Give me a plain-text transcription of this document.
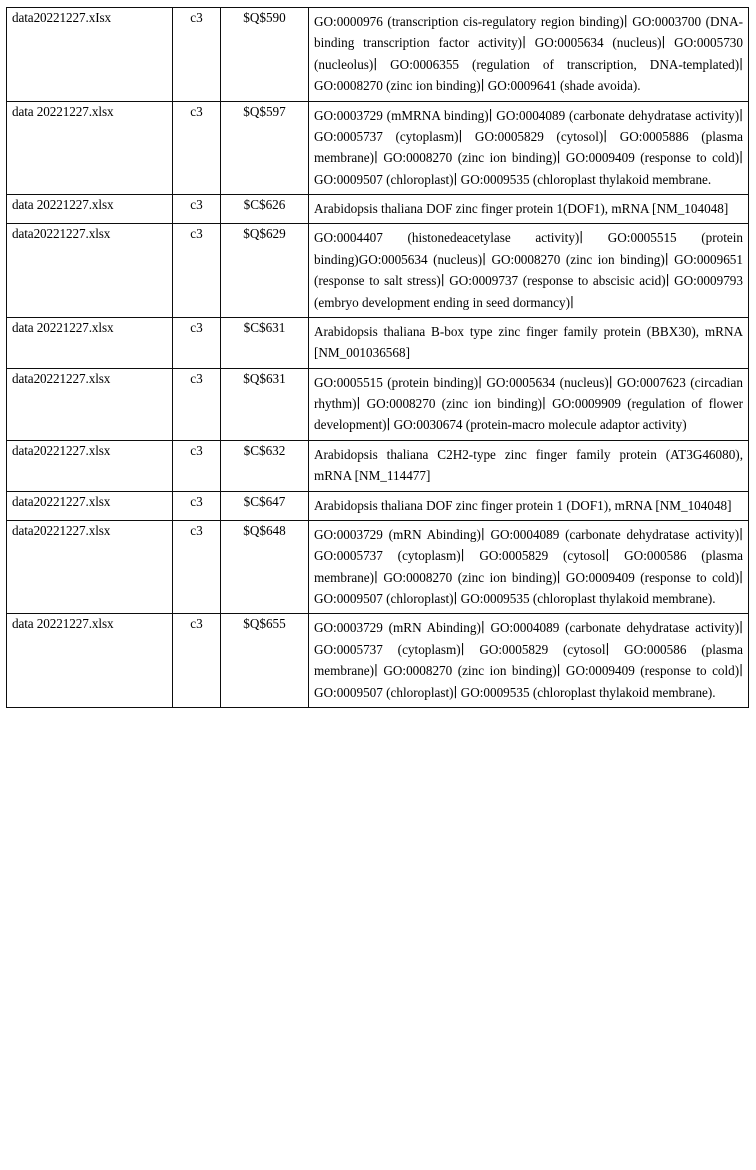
data20221227.xIsx	c3	$Q$590	GO:0000976 (transcription cis-regulatory region binding)∣ GO:0003700 (DNA-binding transcription factor activity)∣ GO:0005634 (nucleus)∣ GO:0005730 (nucleolus)∣ GO:0006355 (regulation of transcription, DNA-templated)∣ GO:0008270 (zinc ion binding)∣ GO:0009641 (shade avoida).
data 20221227.xlsx	c3	$Q$597	GO:0003729 (mMRNA binding)∣ GO:0004089 (carbonate dehydratase activity)∣ GO:0005737 (cytoplasm)∣ GO:0005829 (cytosol)∣ GO:0005886 (plasma membrane)∣ GO:0008270 (zinc ion binding)∣ GO:0009409 (response to cold)∣ GO:0009507 (chloroplast)∣ GO:0009535 (chloroplast thylakoid membrane.
data 20221227.xlsx	c3	$C$626	Arabidopsis thaliana DOF zinc finger protein 1(DOF1), mRNA [NM_104048]
data20221227.xlsx	c3	$Q$629	GO:0004407 (histonedeacetylase activity)∣ GO:0005515 (protein binding)GO:0005634 (nucleus)∣ GO:0008270 (zinc ion binding)∣ GO:0009651 (response to salt stress)∣ GO:0009737 (response to abscisic acid)∣ GO:0009793 (embryo development ending in seed dormancy)∣
data 20221227.xlsx	c3	$C$631	Arabidopsis thaliana B-box type zinc finger family protein (BBX30), mRNA [NM_001036568]
data20221227.xlsx	c3	$Q$631	GO:0005515 (protein binding)∣ GO:0005634 (nucleus)∣ GO:0007623 (circadian rhythm)∣ GO:0008270 (zinc ion binding)∣ GO:0009909 (regulation of flower development)∣ GO:0030674 (protein-macro molecule adaptor activity)
data20221227.xlsx	c3	$C$632	Arabidopsis thaliana C2H2-type zinc finger family protein (AT3G46080), mRNA [NM_114477]
data20221227.xlsx	c3	$C$647	Arabidopsis thaliana DOF zinc finger protein 1 (DOF1), mRNA [NM_104048]
data20221227.xlsx	c3	$Q$648	GO:0003729 (mRN Abinding)∣ GO:0004089 (carbonate dehydratase activity)∣ GO:0005737 (cytoplasm)∣ GO:0005829 (cytosol∣ GO:000586 (plasma membrane)∣ GO:0008270 (zinc ion binding)∣ GO:0009409 (response to cold)∣ GO:0009507 (chloroplast)∣ GO:0009535 (chloroplast thylakoid membrane).
data 20221227.xlsx	c3	$Q$655	GO:0003729 (mRN Abinding)∣ GO:0004089 (carbonate dehydratase activity)∣ GO:0005737 (cytoplasm)∣ GO:0005829 (cytosol∣ GO:000586 (plasma membrane)∣ GO:0008270 (zinc ion binding)∣ GO:0009409 (response to cold)∣ GO:0009507 (chloroplast)∣ GO:0009535 (chloroplast thylakoid membrane).
